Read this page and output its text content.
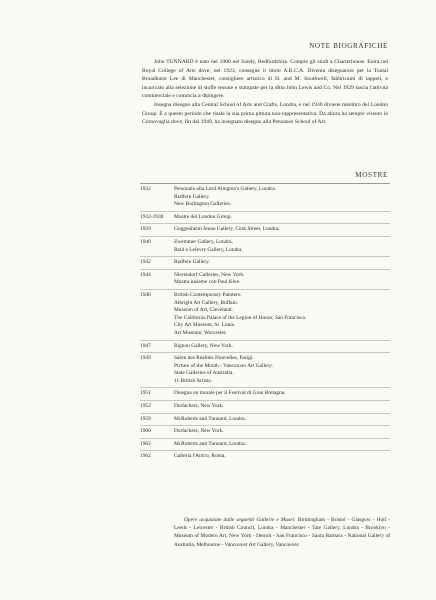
NOTE BIOGRAFICHE

John TUNNARD è nato nel 1900 nel Sandy, Bedfordshire. Compie gli studi a Charterhouse. Entra nel Royal College of Arts dove, nel 1923, consegue il titolo A.R.C.A. Diventa disegnatore per la Tootal Broadhurst Lee di Manchester, consigliere artistico di H. and M. Southwell, fabbricanti di tappeti, e incaricato alla selezione di stoffe tessute e stampate per la ditta John Lewis and Co. Nel 1929 lascia l'attività commerciale e comincia a dipingere.

Insegna disegno alla Central School of Arts and Crafts, Londra, e nel 1930 diviene membro del London Group. È a questo periodo che risale la sua prima pittura non-rappresentativa. Da allora ha sempre vissuto in Cornovaglia dove, fin dal 1948, ha insegnato disegno alla Penzance School of Art.

MOSTRE
1932	Personale alla Lord Alington's Gallery, Londra.
Redfern Gallery.
New Burlington Galleries.
1932-1938	Mostre del London Group.
1939	Guggenheim Jeune Gallery, Cork Street, Londra.
1940	Zwemmer Gallery, Londra.
Reid e Lefevre Gallery, Londra.
1942	Redfern Gallery.
1944	Nierendorf Galleries, New York.
Mostra insieme con Paul Klee.
1946	British Contemporary Painters.
Albright Art Gallery, Buffalo.
Museum of Art, Cleveland.
The California Palace of the Legion of Honor, San Francisco.
City Art Museum, St. Louis.
Art Museum, Worcester.
1947	Bignou Gallery, New York.
1949	Salon des Réalités Nouvelles, Parigi.
Picture of the Month - Vancouver Art Gallery.
State Galleries of Australia.
11 British Artists.
1951	Disegna un murale per il Festival di Gran Bretagna.
1952	Durlachers, New York.
1959	McRoberts and Tunnard, Londra.
1960	Durlachers, New York.
1962	McRoberts and Tunnard, Londra.
1962	Galleria l'Attico, Roma.
Opere acquistate dalle seguenti Gallerie e Musei: Birmingham - Bristol - Glasgow - Hull - Leeds - Leicester - British Council, Londra - Manchester - Tate Gallery, Londra - Brooklyn - Museum of Modern Art, New York - Detroit - San Francisco - Santa Barbara - National Gallery of Australia, Melbourne - Vancouver Art Gallery, Vancouver.
